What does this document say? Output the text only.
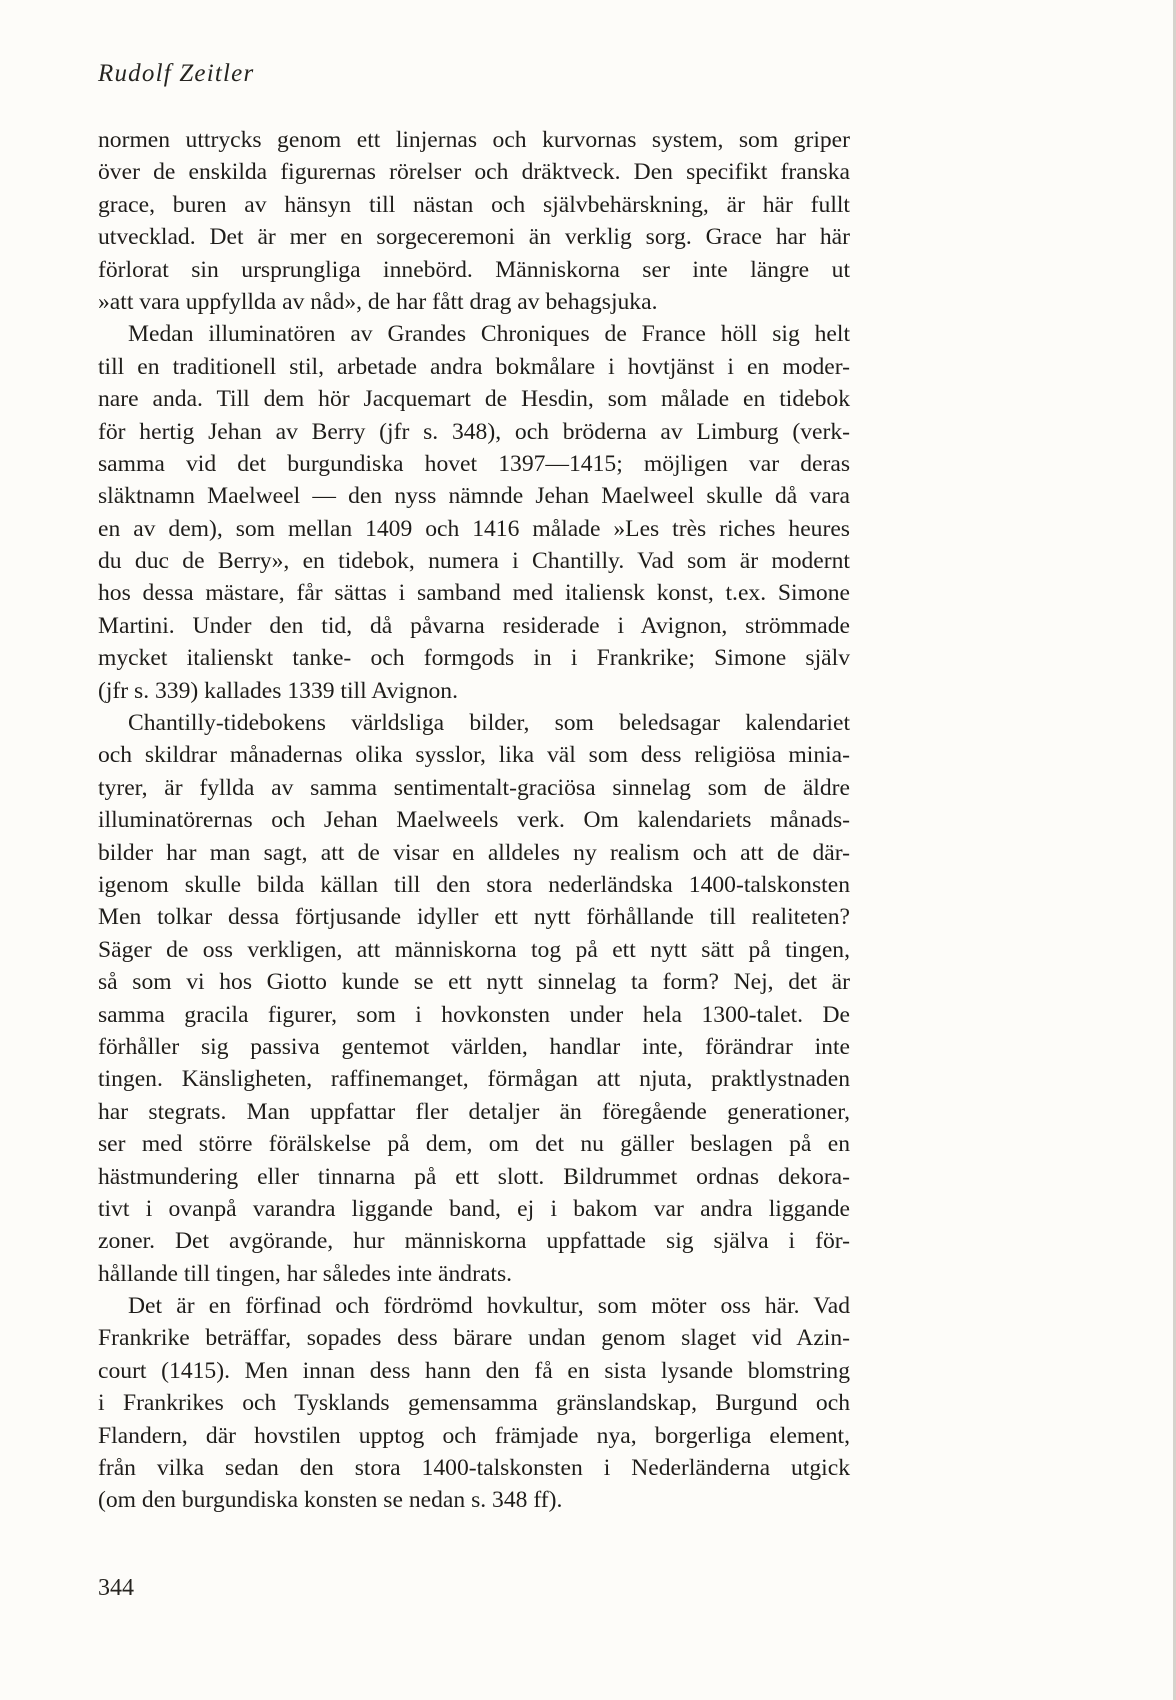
Rudolf Zeitler
normen uttrycks genom ett linjernas och kurvornas system, som griper
över de enskilda figurernas rörelser och dräktveck. Den specifikt franska
grace, buren av hänsyn till nästan och självbehärskning, är här fullt
utvecklad. Det är mer en sorgeceremoni än verklig sorg. Grace har här
förlorat sin ursprungliga innebörd. Människorna ser inte längre ut
»att vara uppfyllda av nåd», de har fått drag av behagsjuka.
Medan illuminatören av Grandes Chroniques de France höll sig helt
till en traditionell stil, arbetade andra bokmålare i hovtjänst i en moder-
nare anda. Till dem hör Jacquemart de Hesdin, som målade en tidebok
för hertig Jehan av Berry (jfr s. 348), och bröderna av Limburg (verk-
samma vid det burgundiska hovet 1397—1415; möjligen var deras
släktnamn Maelweel — den nyss nämnde Jehan Maelweel skulle då vara
en av dem), som mellan 1409 och 1416 målade »Les très riches heures
du duc de Berry», en tidebok, numera i Chantilly. Vad som är modernt
hos dessa mästare, får sättas i samband med italiensk konst, t.ex. Simone
Martini. Under den tid, då påvarna residerade i Avignon, strömmade
mycket italienskt tanke- och formgods in i Frankrike; Simone själv
(jfr s. 339) kallades 1339 till Avignon.
Chantilly-tidebokens världsliga bilder, som beledsagar kalendariet
och skildrar månadernas olika sysslor, lika väl som dess religiösa minia-
tyrer, är fyllda av samma sentimentalt-graciösa sinnelag som de äldre
illuminatörernas och Jehan Maelweels verk. Om kalendariets månads-
bilder har man sagt, att de visar en alldeles ny realism och att de där-
igenom skulle bilda källan till den stora nederländska 1400-talskonsten
Men tolkar dessa förtjusande idyller ett nytt förhållande till realiteten?
Säger de oss verkligen, att människorna tog på ett nytt sätt på tingen,
så som vi hos Giotto kunde se ett nytt sinnelag ta form? Nej, det är
samma gracila figurer, som i hovkonsten under hela 1300-talet. De
förhåller sig passiva gentemot världen, handlar inte, förändrar inte
tingen. Känsligheten, raffinemanget, förmågan att njuta, praktlystnaden
har stegrats. Man uppfattar fler detaljer än föregående generationer,
ser med större förälskelse på dem, om det nu gäller beslagen på en
hästmundering eller tinnarna på ett slott. Bildrummet ordnas dekora-
tivt i ovanpå varandra liggande band, ej i bakom var andra liggande
zoner. Det avgörande, hur människorna uppfattade sig själva i för-
hållande till tingen, har således inte ändrats.
Det är en förfinad och fördrömd hovkultur, som möter oss här. Vad
Frankrike beträffar, sopades dess bärare undan genom slaget vid Azin-
court (1415). Men innan dess hann den få en sista lysande blomstring
i Frankrikes och Tysklands gemensamma gränslandskap, Burgund och
Flandern, där hovstilen upptog och främjade nya, borgerliga element,
från vilka sedan den stora 1400-talskonsten i Nederländerna utgick
(om den burgundiska konsten se nedan s. 348 ff).
344
